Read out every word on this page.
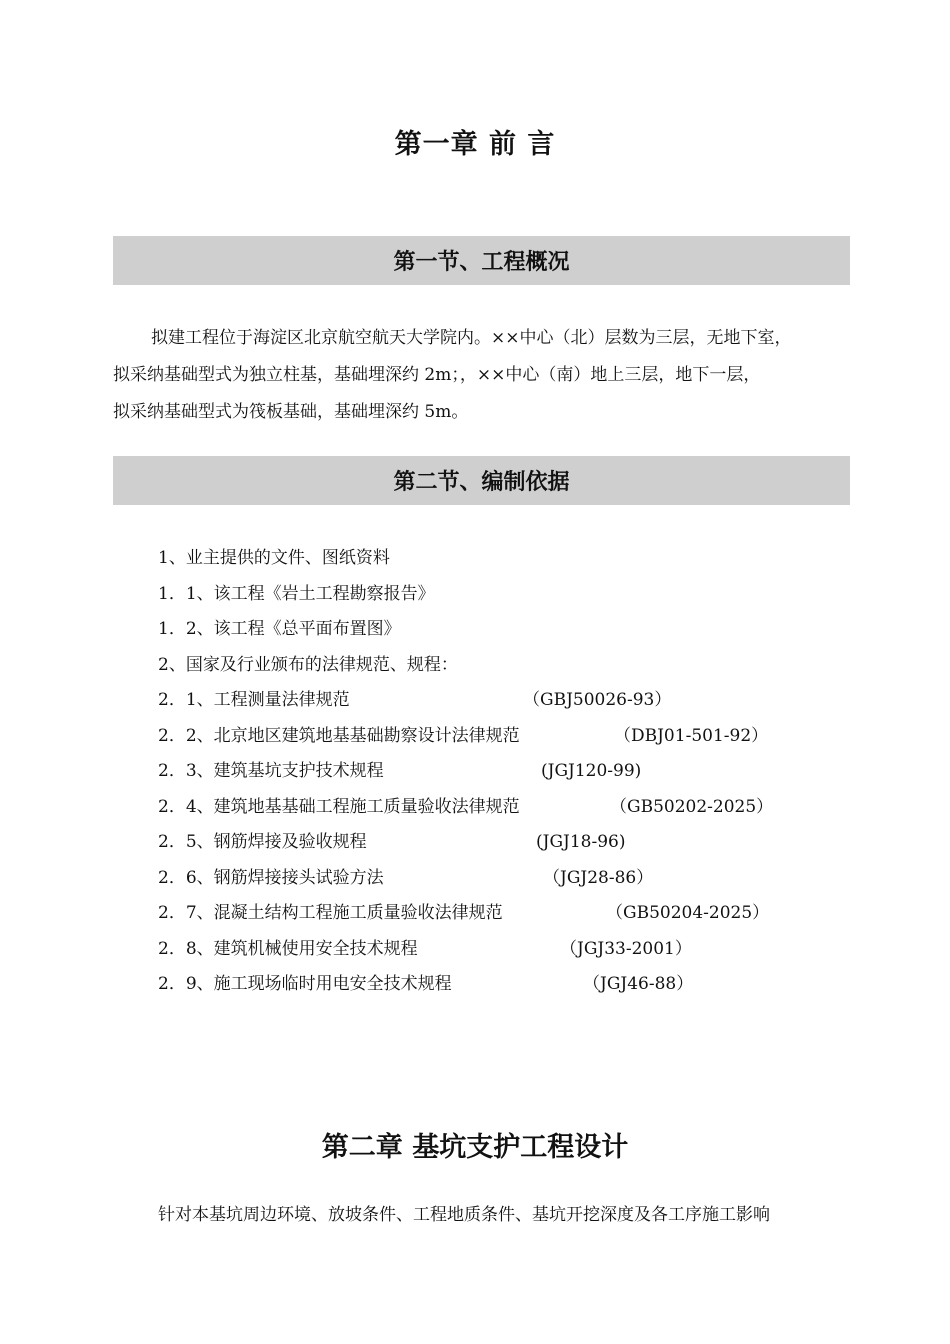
第一章 前 言
第一节、工程概况
拟建工程位于海淀区北京航空航天大学院内。××中心（北）层数为三层，无地下室，
拟采纳基础型式为独立柱基，基础埋深约 2m；，××中心（南）地上三层，地下一层，
拟采纳基础型式为筏板基础，基础埋深约 5m。
第二节、编制依据
1、业主提供的文件、图纸资料
1．1、该工程《岩土工程勘察报告》
1．2、该工程《总平面布置图》
2、国家及行业颁布的法律规范、规程：
2．1、工程测量法律规范	（GBJ50026-93）
2．2、北京地区建筑地基基础勘察设计法律规范	（DBJ01-501-92）
2．3、建筑基坑支护技术规程	(JGJ120-99)
2．4、建筑地基基础工程施工质量验收法律规范	（GB50202-2025）
2．5、钢筋焊接及验收规程	(JGJ18-96)
2．6、钢筋焊接接头试验方法	（JGJ28-86）
2．7、混凝土结构工程施工质量验收法律规范	（GB50204-2025）
2．8、建筑机械使用安全技术规程	（JGJ33-2001）
2．9、施工现场临时用电安全技术规程	（JGJ46-88）
第二章 基坑支护工程设计
针对本基坑周边环境、放坡条件、工程地质条件、基坑开挖深度及各工序施工影响
